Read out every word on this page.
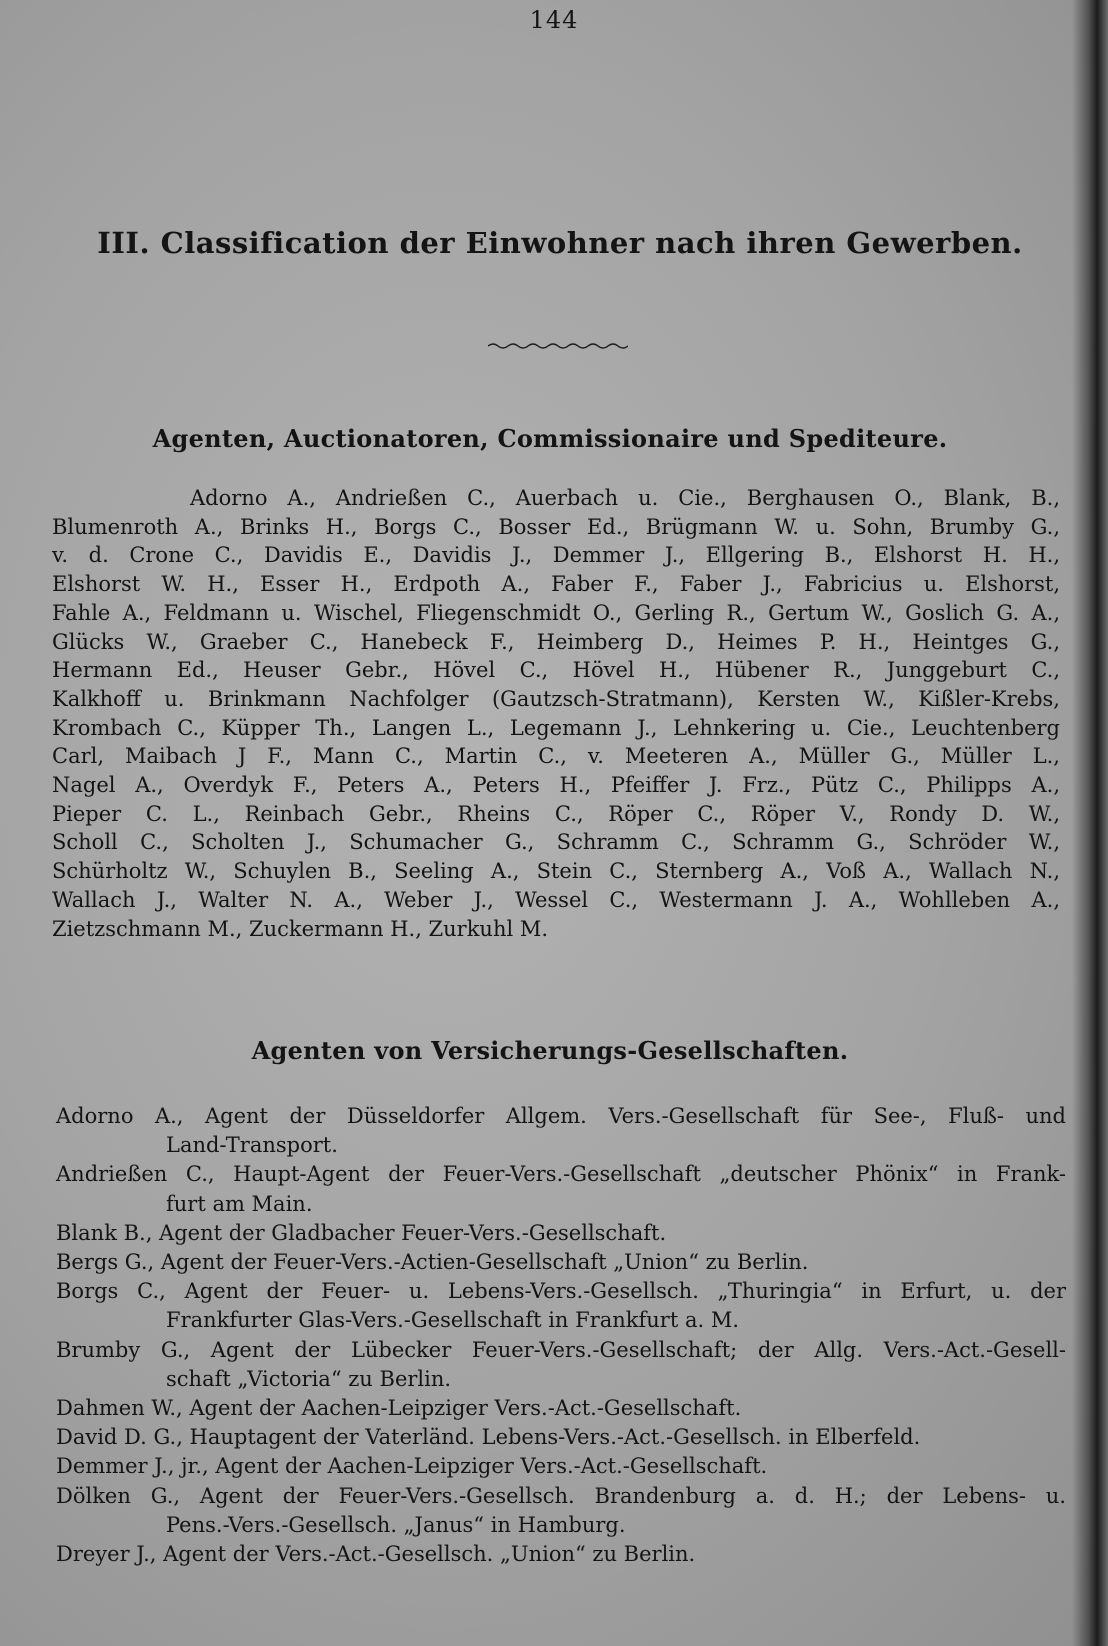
144
III. Classification der Einwohner nach ihren Gewerben.
Agenten, Auctionatoren, Commissionaire und Spediteure.
Adorno A., Andrießen C., Auerbach u. Cie., Berghausen O., Blank, B.,
Blumenroth A., Brinks H., Borgs C., Bosser Ed., Brügmann W. u. Sohn, Brumby G.,
v. d. Crone C., Davidis E., Davidis J., Demmer J., Ellgering B., Elshorst H. H.,
Elshorst W. H., Esser H., Erdpoth A., Faber F., Faber J., Fabricius u. Elshorst,
Fahle A., Feldmann u. Wischel, Fliegenschmidt O., Gerling R., Gertum W., Goslich G. A.,
Glücks W., Graeber C., Hanebeck F., Heimberg D., Heimes P. H., Heintges G.,
Hermann Ed., Heuser Gebr., Hövel C., Hövel H., Hübener R., Junggeburt C.,
Kalkhoff u. Brinkmann Nachfolger (Gautzsch-Stratmann), Kersten W., Kißler-Krebs,
Krombach C., Küpper Th., Langen L., Legemann J., Lehnkering u. Cie., Leuchtenberg
Carl, Maibach J F., Mann C., Martin C., v. Meeteren A., Müller G., Müller L.,
Nagel A., Overdyk F., Peters A., Peters H., Pfeiffer J. Frz., Pütz C., Philipps A.,
Pieper C. L., Reinbach Gebr., Rheins C., Röper C., Röper V., Rondy D. W.,
Scholl C., Scholten J., Schumacher G., Schramm C., Schramm G., Schröder W.,
Schürholtz W., Schuylen B., Seeling A., Stein C., Sternberg A., Voß A., Wallach N.,
Wallach J., Walter N. A., Weber J., Wessel C., Westermann J. A., Wohlleben A.,
Zietzschmann M., Zuckermann H., Zurkuhl M.
Agenten von Versicherungs-Gesellschaften.
Adorno A., Agent der Düsseldorfer Allgem. Vers.-Gesellschaft für See-, Fluß- und
Land-Transport.
Andrießen C., Haupt-Agent der Feuer-Vers.-Gesellschaft „deutscher Phönix“ in Frank-
furt am Main.
Blank B., Agent der Gladbacher Feuer-Vers.-Gesellschaft.
Bergs G., Agent der Feuer-Vers.-Actien-Gesellschaft „Union“ zu Berlin.
Borgs C., Agent der Feuer- u. Lebens-Vers.-Gesellsch. „Thuringia“ in Erfurt, u. der
Frankfurter Glas-Vers.-Gesellschaft in Frankfurt a. M.
Brumby G., Agent der Lübecker Feuer-Vers.-Gesellschaft; der Allg. Vers.-Act.-Gesell-
schaft „Victoria“ zu Berlin.
Dahmen W., Agent der Aachen-Leipziger Vers.-Act.-Gesellschaft.
David D. G., Hauptagent der Vaterländ. Lebens-Vers.-Act.-Gesellsch. in Elberfeld.
Demmer J., jr., Agent der Aachen-Leipziger Vers.-Act.-Gesellschaft.
Dölken G., Agent der Feuer-Vers.-Gesellsch. Brandenburg a. d. H.; der Lebens- u.
Pens.-Vers.-Gesellsch. „Janus“ in Hamburg.
Dreyer J., Agent der Vers.-Act.-Gesellsch. „Union“ zu Berlin.
